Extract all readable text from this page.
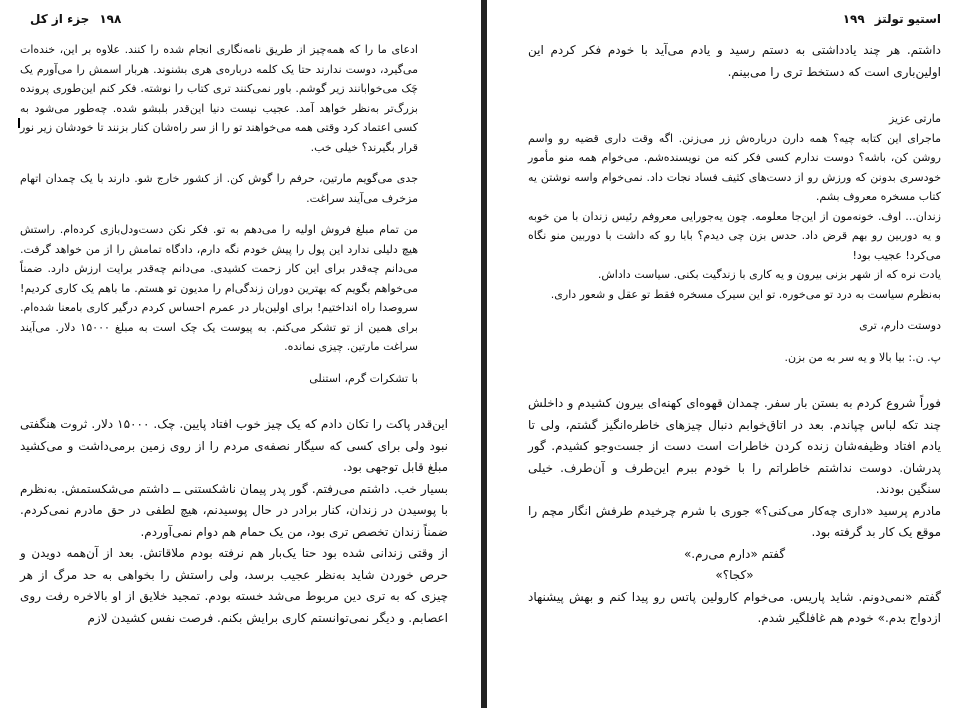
۱۹۸
جزء از کل

ادعای ما را که همه‌چیز از طریق نامه‌نگاری انجام شده را کنند. علاوه بر این، خنده‌ات می‌گیرد، دوست ندارند حتا یک کلمه درباره‌ی هری بشنوند. هربار اسمش را می‌آورم یک چَک می‌خوابانند زیر گوشم. باور نمی‌کنند تری کتاب را نوشته. فکر کنم این‌طوری پرونده بزرگ‌تر به‌نظر خواهد آمد. عجیب نیست دنیا این‌قدر بلبشو شده. چه‌طور می‌شود به کسی اعتماد کرد وقتی همه می‌خواهند تو را از سر راه‌شان کنار بزنند تا خودشان زیر نور قرار بگیرند؟ خیلی خب.

جدی می‌گویم مارتین، حرفم را گوش کن. از کشور خارج شو. دارند با یک چمدان اتهام مزخرف می‌آیند سراغت.

من تمام مبلغ فروش اولیه را می‌دهم به تو. فکر نکن دست‌ودل‌بازی کرده‌ام. راستش هیچ دلیلی ندارد این پول را پیش خودم نگه دارم، دادگاه تمامش را از من خواهد گرفت. می‌دانم چه‌قدر برای این کار زحمت کشیدی. می‌دانم چه‌قدر برایت ارزش دارد. ضمناً می‌خواهم بگویم که بهترین دوران زندگی‌ام را مدیون تو هستم. ما باهم یک کاری کردیم! سروصدا راه انداختیم! برای اولین‌بار در عمرم احساس کردم درگیر کاری بامعنا شده‌ام. برای همین از تو تشکر می‌کنم. به پیوست یک چک است به مبلغ ۱۵۰۰۰ دلار. می‌آیند سراغت مارتین. چیزی نمانده.

با تشکرات گرم، استنلی

این‌قدر پاکت را تکان دادم که یک چیز خوب افتاد پایین. چک. ۱۵۰۰۰ دلار. ثروت هنگفتی نبود ولی برای کسی که سیگار نصفه‌ی مردم را از روی زمین برمی‌داشت و می‌کشید مبلغ قابل توجهی بود.

بسیار خب. داشتم می‌رفتم. گور پدر پیمان ناشکستنی ــ داشتم می‌شکستمش. به‌نظرم با پوسیدن در زندان، کنار برادر در حال پوسیدنم، هیچ لطفی در حق مادرم نمی‌کردم. ضمناً زندان تخصص تری بود، من یک حمام هم دوام نمی‌آوردم.

از وقتی زندانی شده بود حتا یک‌بار هم نرفته بودم ملاقاتش. بعد از آن‌همه دویدن و حرص خوردن شاید به‌نظر عجیب برسد، ولی راستش را بخواهی به حد مرگ از هر چیزی که به تری دین مربوط می‌شد خسته بودم. تمجید خلایق از او بالاخره رفت روی اعصابم. و دیگر نمی‌توانستم کاری برایش بکنم. فرصت نفس کشیدن لازم

استیو تولتز
۱۹۹

داشتم. هر چند یادداشتی به دستم رسید و یادم می‌آید با خودم فکر کردم این اولین‌باری است که دستخط تری را می‌بینم.

مارتی عزیز

ماجرای این کتابه چیه؟ همه دارن درباره‌ش زر می‌زنن. اگه وقت داری قضیه رو واسم روشن کن، باشه؟ دوست ندارم کسی فکر کنه من نویسنده‌شم. می‌خوام همه منو مأمور خودسری بدونن که ورزش رو از دست‌های کثیف فساد نجات داد. نمی‌خوام واسه نوشتن یه کتاب مسخره معروف بشم.

زندان... اوف. خونه‌مون از این‌جا معلومه. چون یه‌جورایی معروفم رئیس زندان با من خوبه و یه دوربین رو بهم قرض داد. حدس بزن چی دیدم؟ بابا رو که داشت با دوربین منو نگاه می‌کرد! عجیب بود!

یادت نره که از شهر بزنی بیرون و یه کاری با زندگیت بکنی. سیاست داداش.

به‌نظرم سیاست به درد تو می‌خوره. تو این سیرک مسخره فقط تو عقل و شعور داری.

دوستت دارم، تری

پ. ن.: بیا بالا و یه سر به من بزن.

فوراً شروع کردم به بستن بار سفر. چمدان قهوه‌ای کهنه‌ای بیرون کشیدم و داخلش چند تکه لباس چپاندم. بعد در اتاق‌خوابم دنبال چیزهای خاطره‌انگیز گشتم، ولی تا یادم افتاد وظیفه‌شان زنده کردن خاطرات است دست از جست‌وجو کشیدم. گور پدرشان. دوست نداشتم خاطراتم را با خودم ببرم این‌طرف و آن‌طرف. خیلی سنگین بودند.

مادرم پرسید «داری چه‌کار می‌کنی؟» جوری با شرم چرخیدم طرفش انگار مچم را موقع یک کار بد گرفته بود.

گفتم «دارم می‌رم.»

«کجا؟»

گفتم «نمی‌دونم. شاید پاریس. می‌خوام کارولین پاتس رو پیدا کنم و بهش پیشنهاد ازدواج بدم.» خودم هم غافلگیر شدم.
